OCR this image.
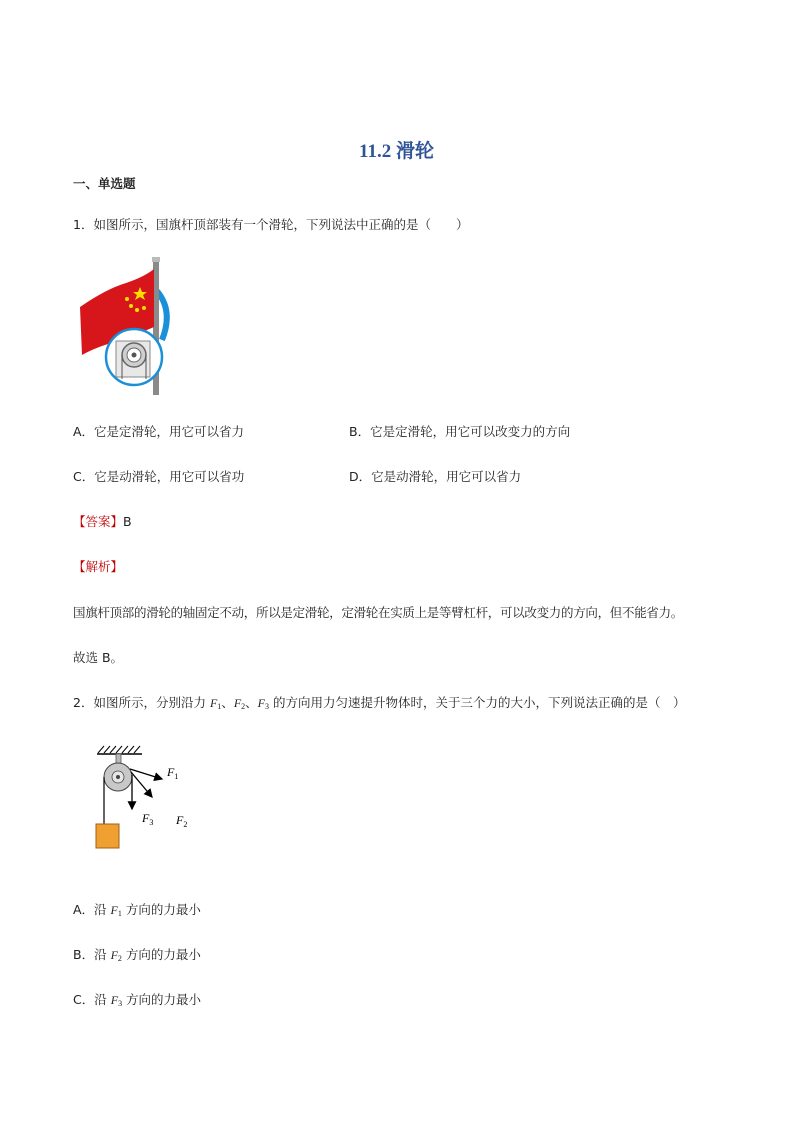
11.2 滑轮
一、单选题
1．如图所示，国旗杆顶部装有一个滑轮，下列说法中正确的是（　　）
A．它是定滑轮，用它可以省力	B．它是定滑轮，用它可以改变力的方向
C．它是动滑轮，用它可以省功	D．它是动滑轮，用它可以省力
【答案】B
【解析】
国旗杆顶部的滑轮的轴固定不动，所以是定滑轮，定滑轮在实质上是等臂杠杆，可以改变力的方向，但不能省力。
故选 B。
2．如图所示，分别沿力 $F_1$、$F_2$、$F_3$ 的方向用力匀速提升物体时，关于三个力的大小，下列说法正确的是（　）
$F_1$
$F_2$
$F_3$
A．沿 $F_1$ 方向的力最小
B．沿 $F_2$ 方向的力最小
C．沿 $F_3$ 方向的力最小
